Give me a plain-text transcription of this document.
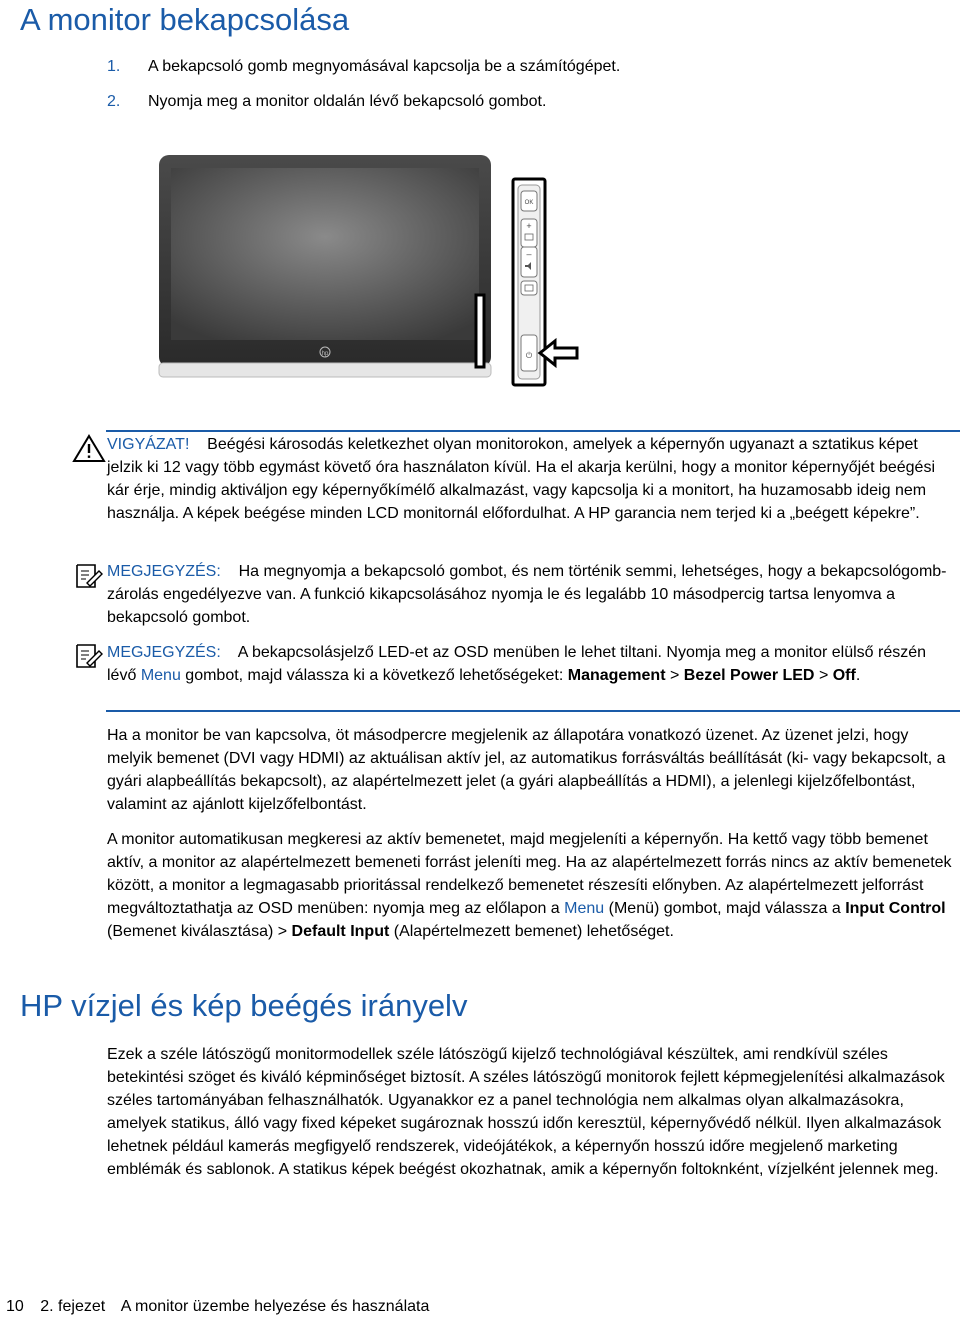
A monitor bekapcsolása
1.	A bekapcsoló gomb megnyomásával kapcsolja be a számítógépet.
2.	Nyomja meg a monitor oldalán lévő bekapcsoló gombot.
hp
OK
+
–
⏻
VIGYÁZAT! Beégési károsodás keletkezhet olyan monitorokon, amelyek a képernyőn ugyanazt a sztatikus képet jelzik ki 12 vagy több egymást követő óra használaton kívül. Ha el akarja kerülni, hogy a monitor képernyőjét beégési kár érje, mindig aktiváljon egy képernyőkímélő alkalmazást, vagy kapcsolja ki a monitort, ha huzamosabb ideig nem használja. A képek beégése minden LCD monitornál előfordulhat. A HP garancia nem terjed ki a „beégett képekre”.
MEGJEGYZÉS: Ha megnyomja a bekapcsoló gombot, és nem történik semmi, lehetséges, hogy a bekapcsológomb-zárolás engedélyezve van. A funkció kikapcsolásához nyomja le és legalább 10 másodpercig tartsa lenyomva a bekapcsoló gombot.
MEGJEGYZÉS: A bekapcsolásjelző LED-et az OSD menüben le lehet tiltani. Nyomja meg a monitor elülső részén lévő Menu gombot, majd válassza ki a következő lehetőségeket: Management > Bezel Power LED > Off.

Ha a monitor be van kapcsolva, öt másodpercre megjelenik az állapotára vonatkozó üzenet. Az üzenet jelzi, hogy melyik bemenet (DVI vagy HDMI) az aktuálisan aktív jel, az automatikus forrásváltás beállítását (ki- vagy bekapcsolt, a gyári alapbeállítás bekapcsolt), az alapértelmezett jelet (a gyári alapbeállítás a HDMI), a jelenlegi kijelzőfelbontást, valamint az ajánlott kijelzőfelbontást.

A monitor automatikusan megkeresi az aktív bemenetet, majd megjeleníti a képernyőn. Ha kettő vagy több bemenet aktív, a monitor az alapértelmezett bemeneti forrást jeleníti meg. Ha az alapértelmezett forrás nincs az aktív bemenetek között, a monitor a legmagasabb prioritással rendelkező bemenetet részesíti előnyben. Az alapértelmezett jelforrást megváltoztathatja az OSD menüben: nyomja meg az előlapon a Menu (Menü) gombot, majd válassza a Input Control (Bemenet kiválasztása) > Default Input (Alapértelmezett bemenet) lehetőséget.

HP vízjel és kép beégés irányelv

Ezek a széle látószögű monitormodellek széle látószögű kijelző technológiával készültek, ami rendkívül széles betekintési szöget és kiváló képminőséget biztosít. A széles látószögű monitorok fejlett képmegjelenítési alkalmazások széles tartományában felhasználhatók. Ugyanakkor ez a panel technológia nem alkalmas olyan alkalmazásokra, amelyek statikus, álló vagy fixed képeket sugároznak hosszú időn keresztül, képernyővédő nélkül. Ilyen alkalmazások lehetnek például kamerás megfigyelő rendszerek, videójátékok, a képernyőn hosszú időre megjelenő marketing emblémák és sablonok. A statikus képek beégést okozhatnak, amik a képernyőn foltoknként, vízjelként jelennek meg.

10 2. fejezet A monitor üzembe helyezése és használata
